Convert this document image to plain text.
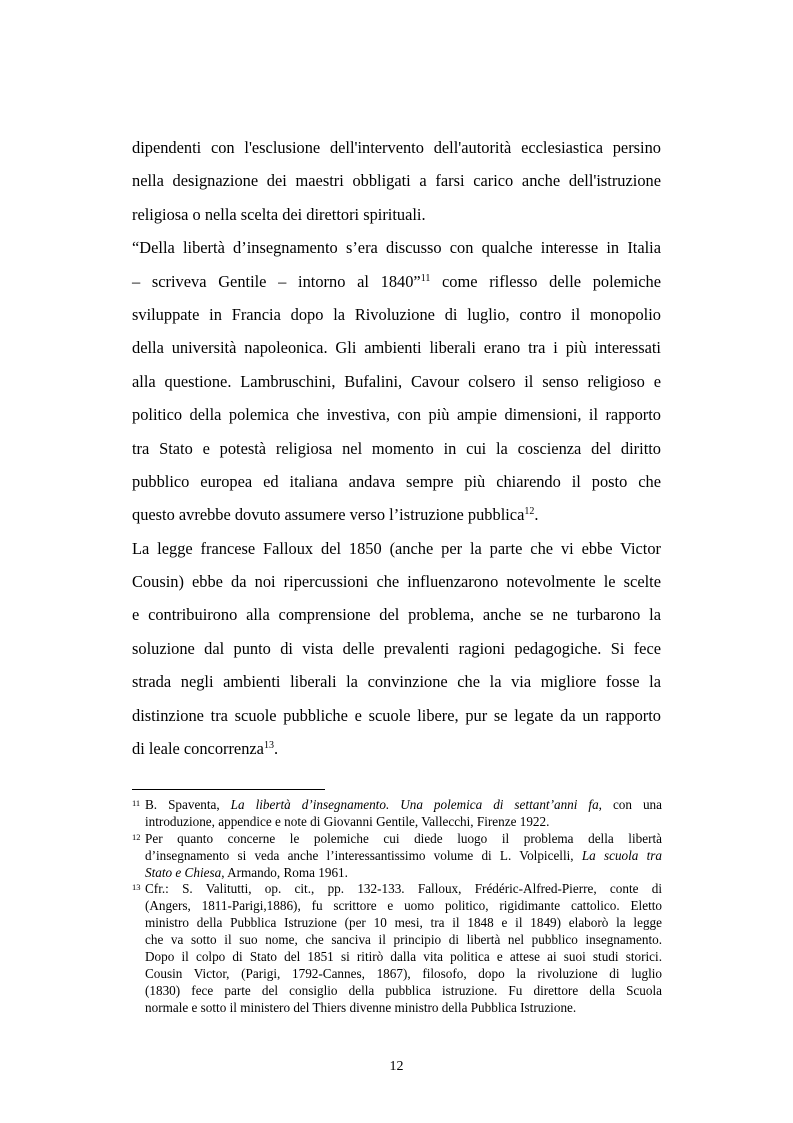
dipendenti con l'esclusione dell'intervento dell'autorità ecclesiastica persino
nella designazione dei maestri obbligati a farsi carico anche dell'istruzione
religiosa o nella scelta dei direttori spirituali.
“Della libertà d’insegnamento s’era discusso con qualche interesse in Italia
– scriveva Gentile – intorno al 1840”$^{11}$ come riflesso delle polemiche
sviluppate in Francia dopo la Rivoluzione di luglio, contro il monopolio
della università napoleonica. Gli ambienti liberali erano tra i più interessati
alla questione. Lambruschini, Bufalini, Cavour colsero il senso religioso e
politico della polemica che investiva, con più ampie dimensioni, il rapporto
tra Stato e potestà religiosa nel momento in cui la coscienza del diritto
pubblico europea ed italiana andava sempre più chiarendo il posto che
questo avrebbe dovuto assumere verso l’istruzione pubblica$^{12}$.
La legge francese Falloux del 1850 (anche per la parte che vi ebbe Victor
Cousin) ebbe da noi ripercussioni che influenzarono notevolmente le scelte
e contribuirono alla comprensione del problema, anche se ne turbarono la
soluzione dal punto di vista delle prevalenti ragioni pedagogiche. Si fece
strada negli ambienti liberali la convinzione che la via migliore fosse la
distinzione tra scuole pubbliche e scuole libere, pur se legate da un rapporto
di leale concorrenza$^{13}$.
11 B. Spaventa, La libertà d’insegnamento. Una polemica di settant’anni fa, con una
introduzione, appendice e note di Giovanni Gentile, Vallecchi, Firenze 1922.
12 Per quanto concerne le polemiche cui diede luogo il problema della libertà
d’insegnamento si veda anche l’interessantissimo volume di L. Volpicelli, La scuola tra
Stato e Chiesa, Armando, Roma 1961.
13 Cfr.: S. Valitutti, op. cit., pp. 132-133. Falloux, Frédéric-Alfred-Pierre, conte di
(Angers, 1811-Parigi,1886), fu scrittore e uomo politico, rigidimante cattolico. Eletto
ministro della Pubblica Istruzione (per 10 mesi, tra il 1848 e il 1849) elaborò la legge
che va sotto il suo nome, che sanciva il principio di libertà nel pubblico insegnamento.
Dopo il colpo di Stato del 1851 si ritirò dalla vita politica e attese ai suoi studi storici.
Cousin Victor, (Parigi, 1792-Cannes, 1867), filosofo, dopo la rivoluzione di luglio
(1830) fece parte del consiglio della pubblica istruzione. Fu direttore della Scuola
normale e sotto il ministero del Thiers divenne ministro della Pubblica Istruzione.
12
